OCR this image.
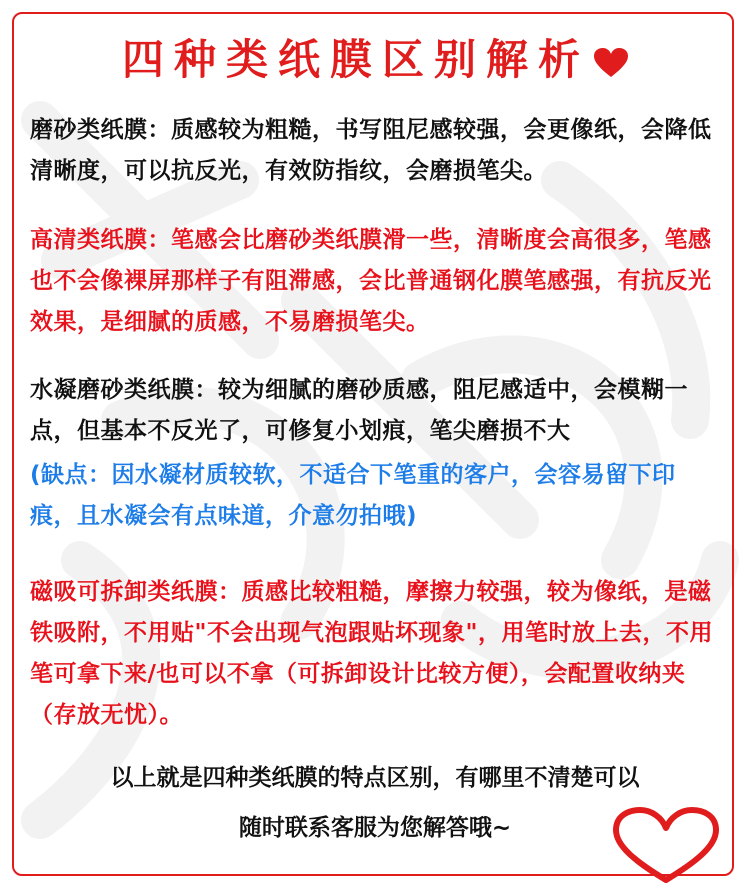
四种类纸膜区别解析
磨砂类纸膜：质感较为粗糙，书写阻尼感较强，会更像纸，会降低清晰度，可以抗反光，有效防指纹，会磨损笔尖。
高清类纸膜：笔感会比磨砂类纸膜滑一些，清晰度会高很多，笔感也不会像裸屏那样子有阻滞感，会比普通钢化膜笔感强，有抗反光效果，是细腻的质感，不易磨损笔尖。
水凝磨砂类纸膜：较为细腻的磨砂质感，阻尼感适中，会模糊一点，但基本不反光了，可修复小划痕，笔尖磨损不大
(缺点：因水凝材质较软，不适合下笔重的客户，会容易留下印痕，且水凝会有点味道，介意勿拍哦)
磁吸可拆卸类纸膜：质感比较粗糙，摩擦力较强，较为像纸，是磁铁吸附，不用贴"不会出现气泡跟贴坏现象"，用笔时放上去，不用笔可拿下来/也可以不拿（可拆卸设计比较方便），会配置收纳夹（存放无忧）。
以上就是四种类纸膜的特点区别，有哪里不清楚可以
随时联系客服为您解答哦~
